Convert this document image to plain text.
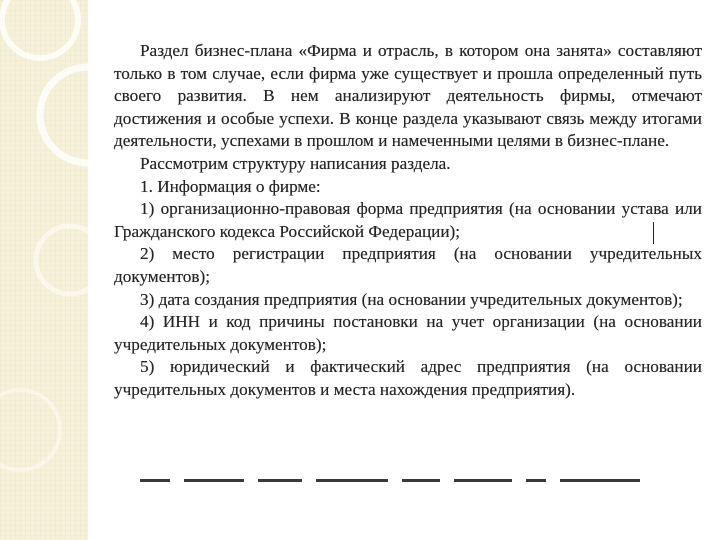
Раздел бизнес-плана «Фирма и отрасль, в котором она занята» составляют только в том случае, если фирма уже существует и прошла определенный путь своего развития. В нем анализируют деятельность фирмы, отмечают достижения и особые успехи. В конце раздела указывают связь между итогами деятельности, успехами в прошлом и намеченными целями в бизнес-плане.

Рассмотрим структуру написания раздела.

1. Информация о фирме:

1) организационно-правовая форма предприятия (на основании устава или Гражданского кодекса Российской Федерации);

2) место регистрации предприятия (на основании учредительных документов);

3) дата создания предприятия (на основании учредительных документов);

4) ИНН и код причины постановки на учет организации (на основании учредительных документов);

5) юридический и фактический адрес предприятия (на основании учредительных документов и места нахождения предприятия).
